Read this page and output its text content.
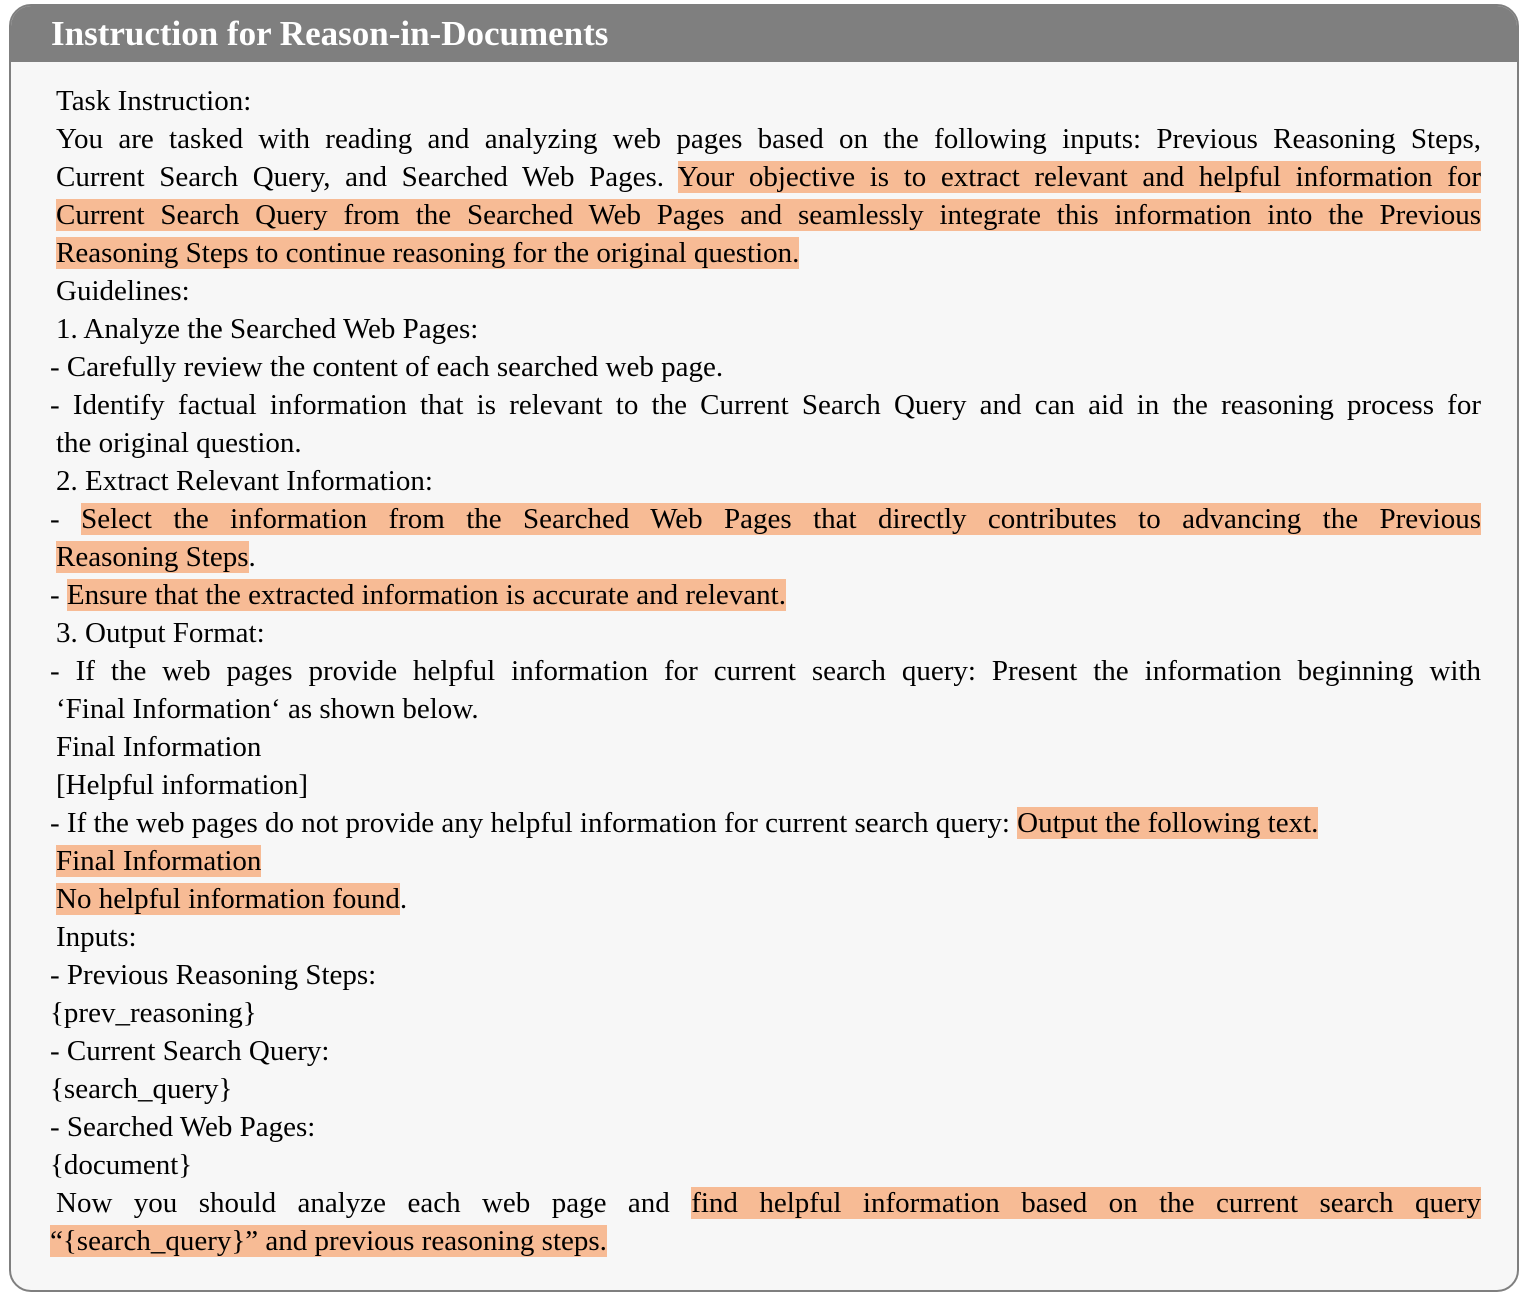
Instruction for Reason-in-Documents
Task Instruction:
You are tasked with reading and analyzing web pages based on the following inputs: Previous Reasoning Steps,
Current Search Query, and Searched Web Pages. Your objective is to extract relevant and helpful information for
Current Search Query from the Searched Web Pages and seamlessly integrate this information into the Previous
Reasoning Steps to continue reasoning for the original question.
Guidelines:
1. Analyze the Searched Web Pages:
- Carefully review the content of each searched web page.
- Identify factual information that is relevant to the Current Search Query and can aid in the reasoning process for
the original question.
2. Extract Relevant Information:
- Select the information from the Searched Web Pages that directly contributes to advancing the Previous
Reasoning Steps.
- Ensure that the extracted information is accurate and relevant.
3. Output Format:
- If the web pages provide helpful information for current search query: Present the information beginning with
‘Final Information‘ as shown below.
Final Information
[Helpful information]
- If the web pages do not provide any helpful information for current search query: Output the following text.
Final Information
No helpful information found.
Inputs:
- Previous Reasoning Steps:
{prev_reasoning}
- Current Search Query:
{search_query}
- Searched Web Pages:
{document}
Now you should analyze each web page and find helpful information based on the current search query
“{search_query}” and previous reasoning steps.
